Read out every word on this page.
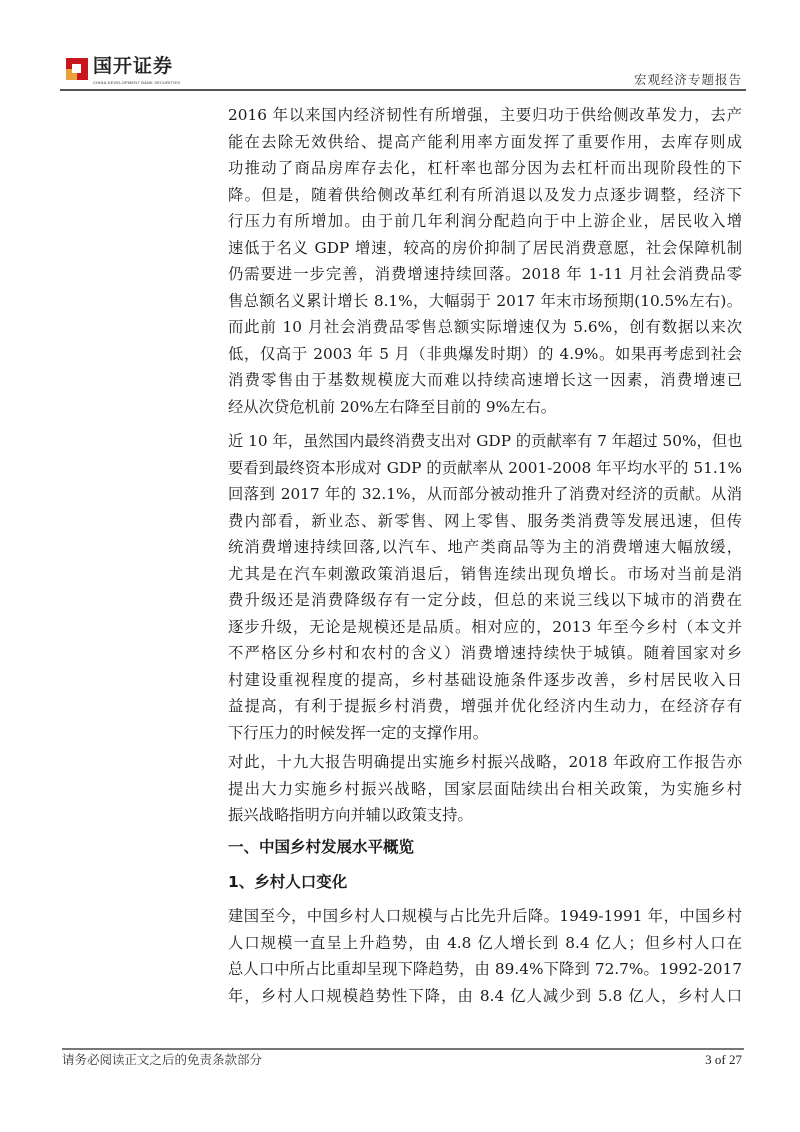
国开证券
CHINA DEVELOPMENT BANK SECURITIES	宏观经济专题报告
2016 年以来国内经济韧性有所增强，主要归功于供给侧改革发力，去产
能在去除无效供给、提高产能利用率方面发挥了重要作用，去库存则成
功推动了商品房库存去化，杠杆率也部分因为去杠杆而出现阶段性的下
降。但是，随着供给侧改革红利有所消退以及发力点逐步调整，经济下
行压力有所增加。由于前几年利润分配趋向于中上游企业，居民收入增
速低于名义 GDP 增速，较高的房价抑制了居民消费意愿，社会保障机制
仍需要进一步完善，消费增速持续回落。2018 年 1-11 月社会消费品零
售总额名义累计增长 8.1%，大幅弱于 2017 年末市场预期(10.5%左右)。
而此前 10 月社会消费品零售总额实际增速仅为 5.6%，创有数据以来次
低，仅高于 2003 年 5 月（非典爆发时期）的 4.9%。如果再考虑到社会
消费零售由于基数规模庞大而难以持续高速增长这一因素，消费增速已
经从次贷危机前 20%左右降至目前的 9%左右。
近 10 年，虽然国内最终消费支出对 GDP 的贡献率有 7 年超过 50%，但也
要看到最终资本形成对 GDP 的贡献率从 2001-2008 年平均水平的 51.1%
回落到 2017 年的 32.1%，从而部分被动推升了消费对经济的贡献。从消
费内部看，新业态、新零售、网上零售、服务类消费等发展迅速，但传
统消费增速持续回落,以汽车、地产类商品等为主的消费增速大幅放缓，
尤其是在汽车刺激政策消退后，销售连续出现负增长。市场对当前是消
费升级还是消费降级存有一定分歧，但总的来说三线以下城市的消费在
逐步升级，无论是规模还是品质。相对应的，2013 年至今乡村（本文并
不严格区分乡村和农村的含义）消费增速持续快于城镇。随着国家对乡
村建设重视程度的提高，乡村基础设施条件逐步改善，乡村居民收入日
益提高，有利于提振乡村消费，增强并优化经济内生动力，在经济存有
下行压力的时候发挥一定的支撑作用。
对此，十九大报告明确提出实施乡村振兴战略，2018 年政府工作报告亦
提出大力实施乡村振兴战略，国家层面陆续出台相关政策，为实施乡村
振兴战略指明方向并辅以政策支持。
一、中国乡村发展水平概览
1、乡村人口变化
建国至今，中国乡村人口规模与占比先升后降。1949-1991 年，中国乡村
人口规模一直呈上升趋势，由 4.8 亿人增长到 8.4 亿人；但乡村人口在
总人口中所占比重却呈现下降趋势，由 89.4%下降到 72.7%。1992-2017
年，乡村人口规模趋势性下降，由 8.4 亿人减少到 5.8 亿人，乡村人口
请务必阅读正文之后的免责条款部分	3 of 27
